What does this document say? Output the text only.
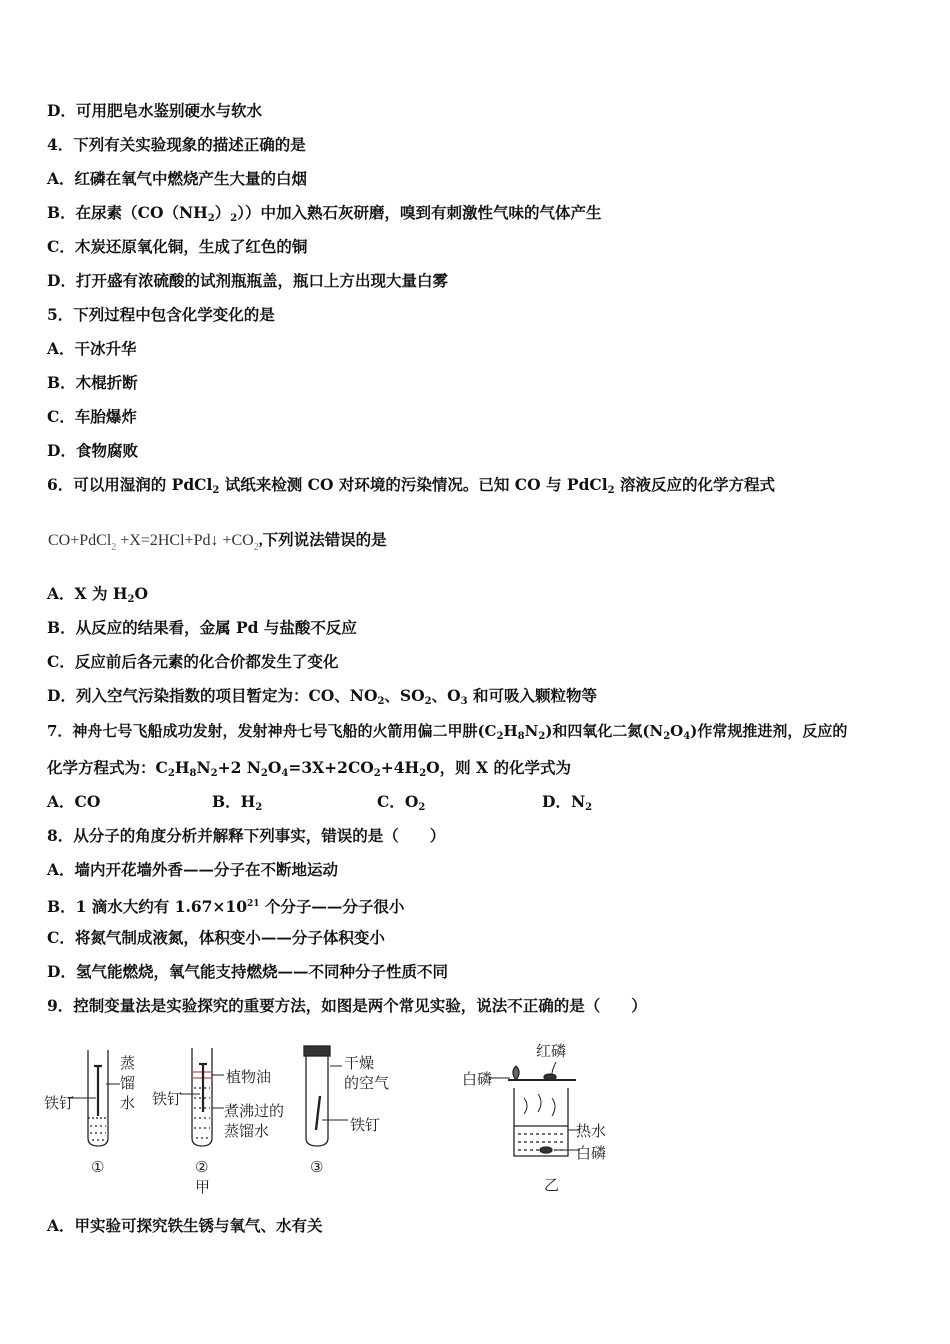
D．可用肥皂水鉴别硬水与软水
4．下列有关实验现象的描述正确的是
A．红磷在氧气中燃烧产生大量的白烟
B．在尿素$(CO(NH_2)_2)$）中加入熟石灰研磨，嗅到有刺激性气味的气体产生
C．木炭还原氧化铜，生成了红色的铜
D．打开盛有浓硫酸的试剂瓶瓶盖，瓶口上方出现大量白雾
5．下列过程中包含化学变化的是
A．干冰升华
B．木棍折断
C．车胎爆炸
D．食物腐败
6．可以用湿润的 PdCl$_2$ 试纸来检测 CO 对环境的污染情况。已知 CO 与 PdCl$_2$ 溶液反应的化学方程式
CO+PdCl$_2$ +X=2HCl+Pd↓ $+CO_2$,下列说法错误的是
A．X 为 $H_2O$
B．从反应的结果看，金属 Pd 与盐酸不反应
C．反应前后各元素的化合价都发生了变化
D．列入空气污染指数的项目暂定为：CO、$NO_2$、$SO_2$、$O_3$ 和可吸入颗粒物等
7．神舟七号飞船成功发射，发射神舟七号飞船的火箭用偏二甲肼$(C_2H_8N_2)$和四氧化二氮$(N_2O_4)$作常规推进剂，反应的
化学方程式为：$C_2H_8N_2+2$ $N_2O_4=3X+2CO_2+4H_2O$，则 X 的化学式为
A．CO	B．$H_2$	C．$O_2$	D．$N_2$
8．从分子的角度分析并解释下列事实，错误的是（　　）
A．墙内开花墙外香——分子在不断地运动
B．1 滴水大约有 $1.67\times 10^{21}$ 个分子——分子很小
C．将氮气制成液氮，体积变小——分子体积变小
D．氢气能燃烧，氧气能支持燃烧——不同种分子性质不同
9．控制变量法是实验探究的重要方法，如图是两个常见实验，说法不正确的是（　　）
铁钉
蒸
馏
水
①
铁钉
植物油
煮沸过的
蒸馏水
②
甲
干燥
的空气
铁钉
③
红磷
白磷
热水
白磷
乙
A．甲实验可探究铁生锈与氧气、水有关
